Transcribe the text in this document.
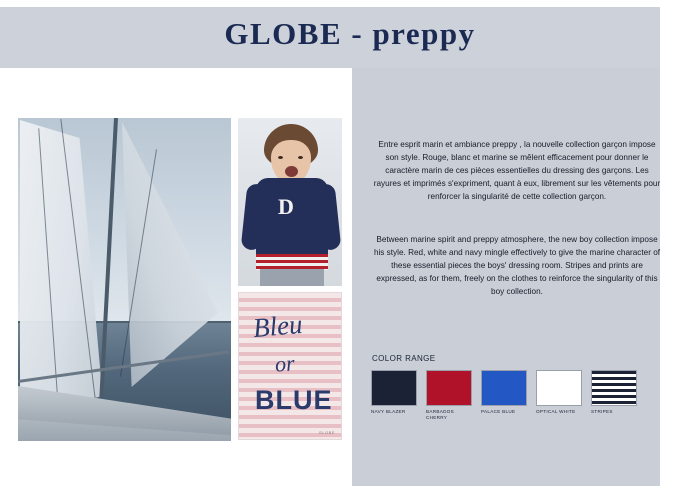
GLOBE - preppy
D
Bleu
or
BLUE
GLOBE
Entre esprit marin et ambiance preppy , la nouvelle collection garçon impose son style. Rouge, blanc et marine se mêlent efficacement pour donner le caractère marin de ces pièces essentielles du dressing des garçons. Les rayures et imprimés s'expriment, quant à eux, librement sur les vêtements pour renforcer la singularité de cette collection garçon.
Between marine spirit and preppy atmosphere, the new boy collection impose his style. Red, white and navy mingle effectively to give the marine character of these essential pieces the boys' dressing room. Stripes and prints are expressed, as for them, freely on the clothes to reinforce the singularity of this boy collection.
COLOR RANGE
NAVY BLAZER	BARBADOS CHERRY
PALACE BLUE	OPTICAL WHITE	STRIPES
